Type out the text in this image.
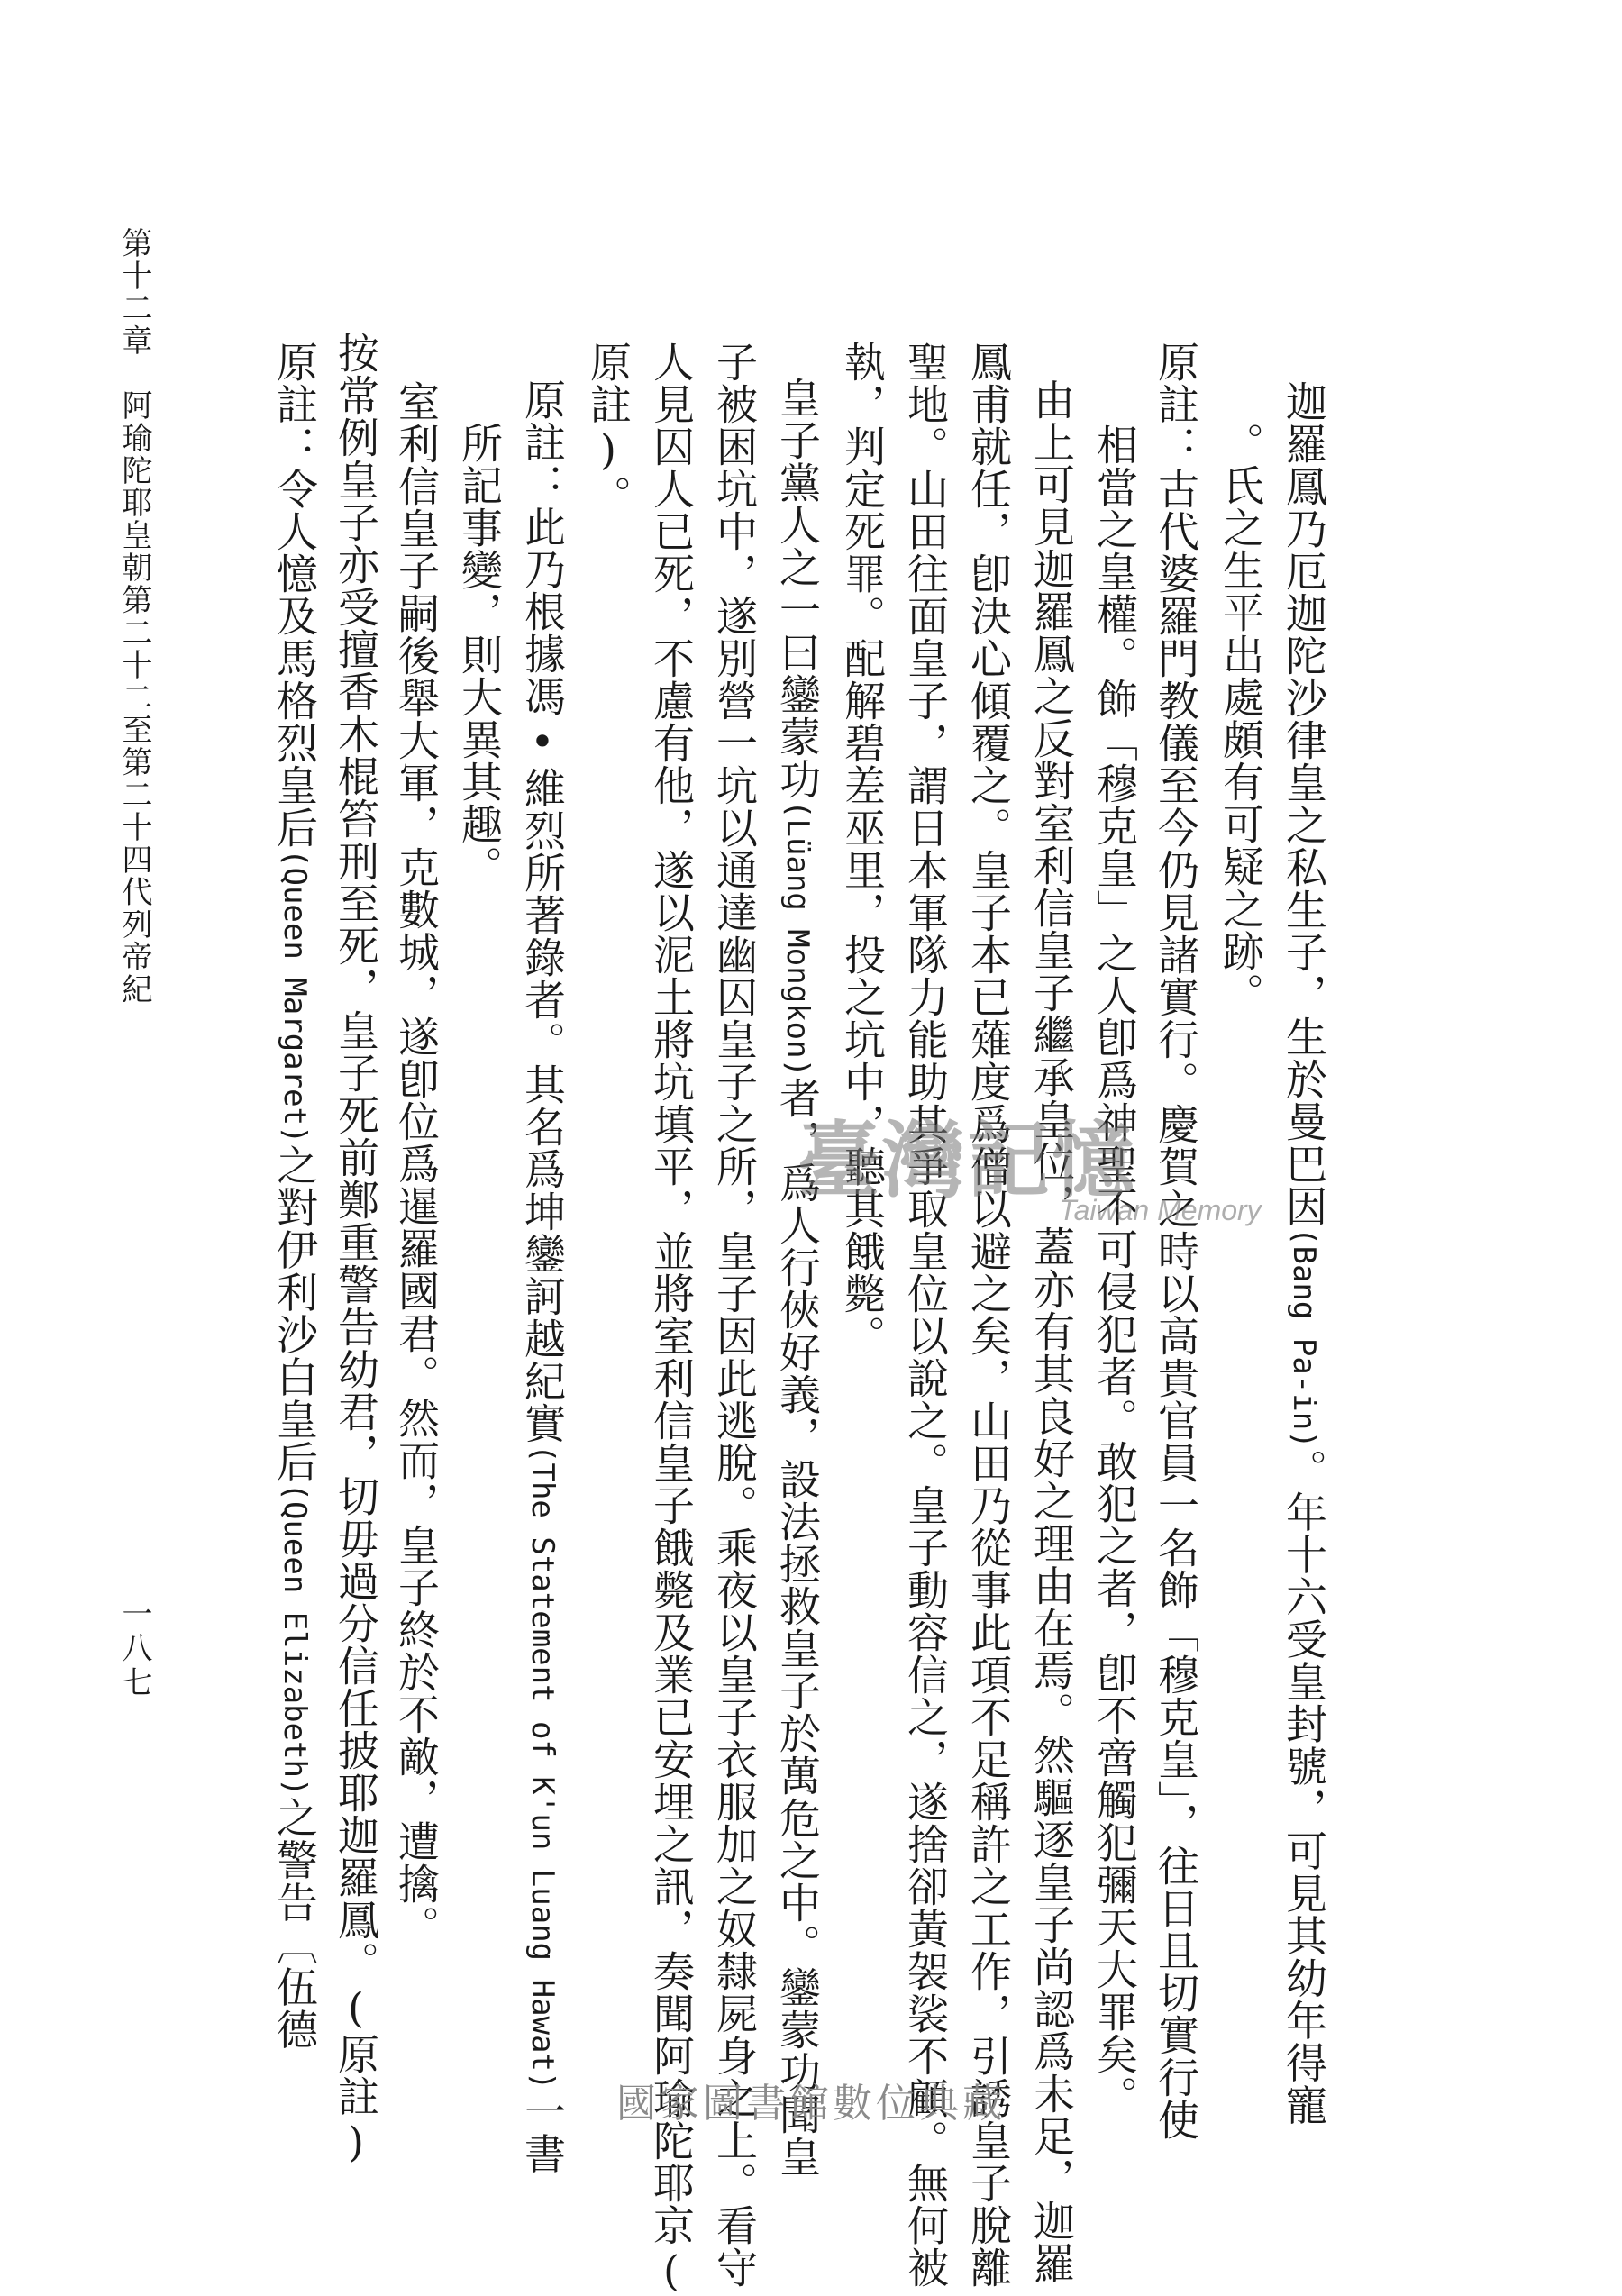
迦羅鳳乃厄迦陀沙律皇之私生子，生於曼巴因(Bang Pa-in)。年十六受皇封號，可見其幼年得寵
。氏之生平出處頗有可疑之跡。
原註：古代婆羅門教儀至今仍見諸實行。慶賀之時以高貴官員一名飾「穆克皇」，往日且切實行使
相當之皇權。飾「穆克皇」之人卽爲神聖不可侵犯者。敢犯之者，卽不啻觸犯彌天大罪矣。
由上可見迦羅鳳之反對室利信皇子繼承皇位，蓋亦有其良好之理由在焉。然驅逐皇子尚認爲未足，迦羅
鳳甫就任，卽決心傾覆之。皇子本已薙度爲僧以避之矣，山田乃從事此項不足稱許之工作，引誘皇子脫離
聖地。山田往面皇子，謂日本軍隊力能助其爭取皇位以說之。皇子動容信之，遂捨卻黃袈裟不顧。無何被
執，判定死罪。配解碧差巫里，投之坑中，聽其餓斃。
皇子黨人之一曰鑾蒙功(Lüang Mongkon)者，爲人行俠好義，設法拯救皇子於萬危之中。鑾蒙功聞皇
子被困坑中，遂別營一坑以通達幽囚皇子之所，皇子因此逃脫。乘夜以皇子衣服加之奴隸屍身之上。看守
人見囚人已死，不慮有他，遂以泥土將坑填平，並將室利信皇子餓斃及業已安埋之訊，奏聞阿瑜陀耶京(
原註)。
原註：此乃根據馮•維烈所著錄者。其名爲坤鑾訶越紀實(The Statement of K'un Luang Hawat)一書
所記事變，則大異其趣。
室利信皇子嗣後舉大軍，克數城，遂卽位爲暹羅國君。然而，皇子終於不敵，遭擒。
按常例皇子亦受擅香木棍笞刑至死，皇子死前鄭重警告幼君，切毋過分信任披耶迦羅鳳。(原註)
原註：令人憶及馬格烈皇后(Queen Margaret)之對伊利沙白皇后(Queen Elizabeth)之警告〔伍德
第十二章　阿瑜陀耶皇朝第二十二至第二十四代列帝紀
一八七
臺灣記憶
Taiwan Memory
國家圖書館數位典藏
